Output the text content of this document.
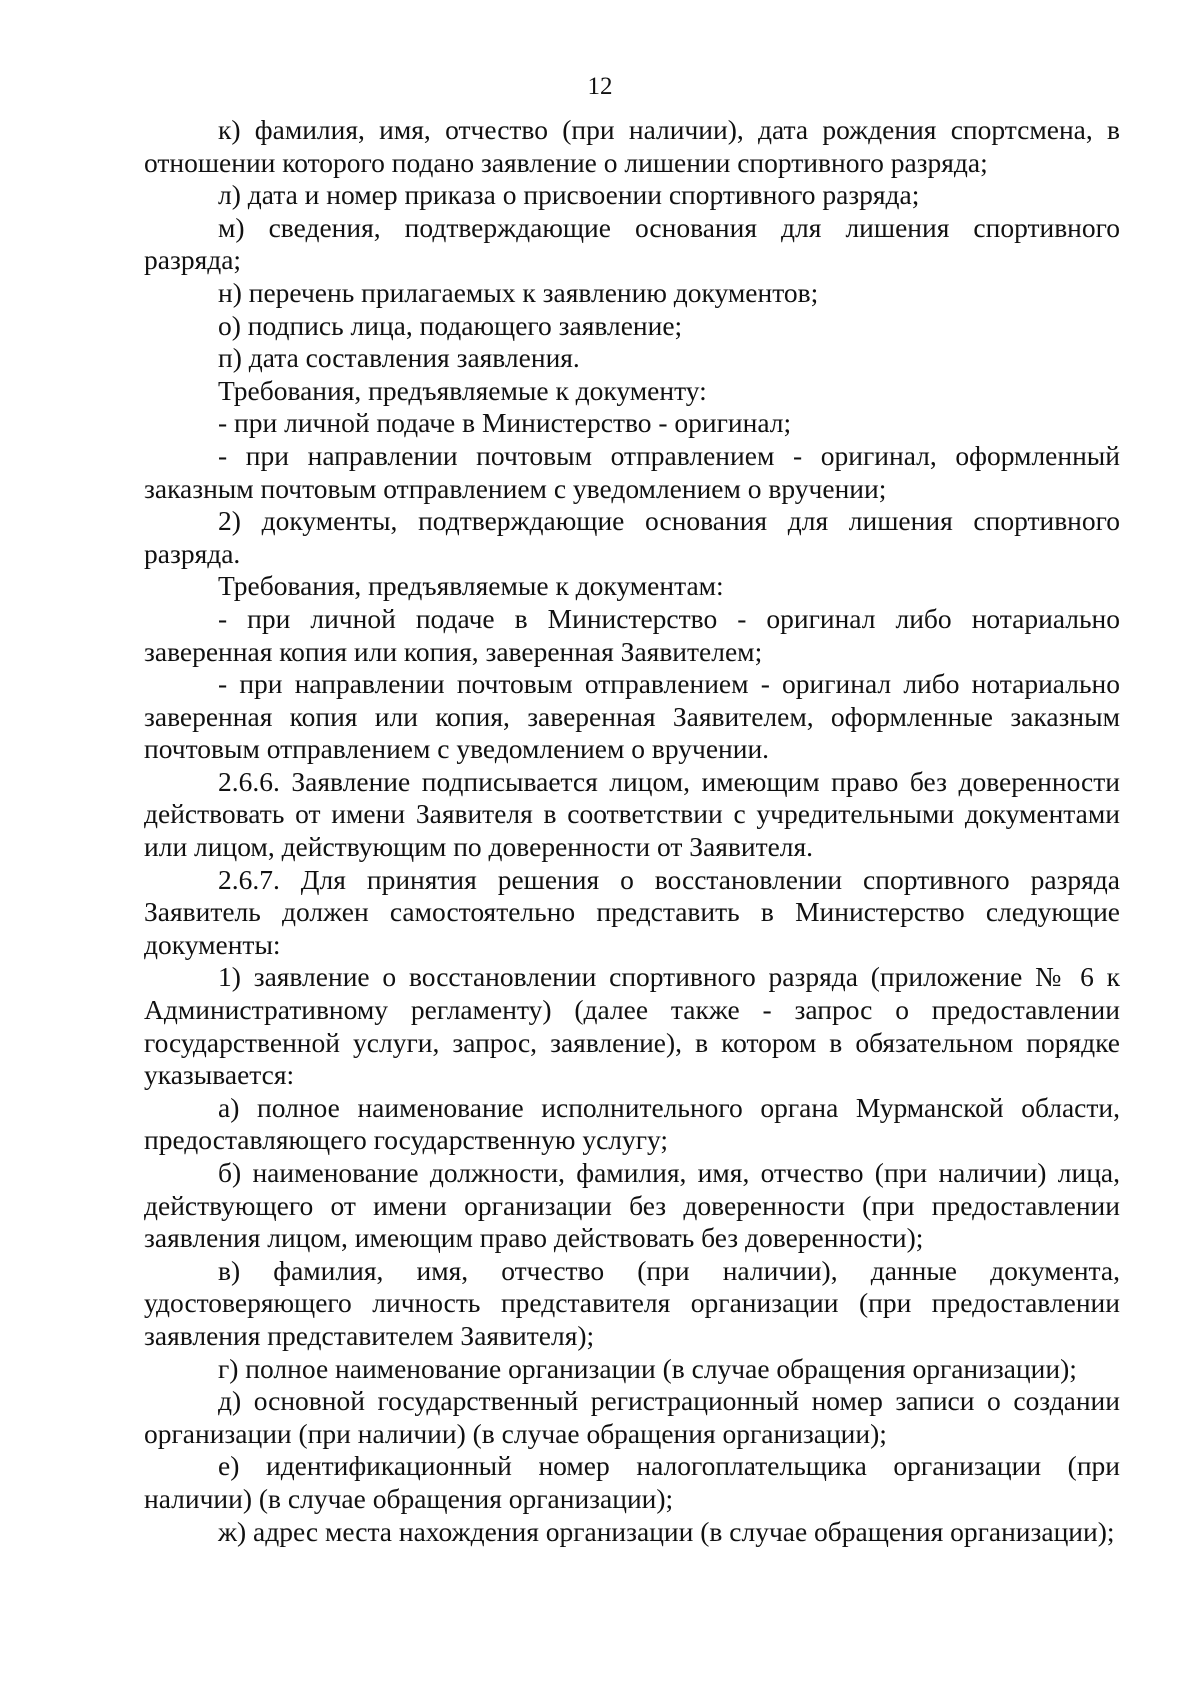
12

к) фамилия, имя, отчество (при наличии), дата рождения спортсмена, в отношении которого подано заявление о лишении спортивного разряда;

л) дата и номер приказа о присвоении спортивного разряда;

м) сведения, подтверждающие основания для лишения спортивного разряда;

н) перечень прилагаемых к заявлению документов;

о) подпись лица, подающего заявление;

п) дата составления заявления.

Требования, предъявляемые к документу:

- при личной подаче в Министерство - оригинал;

- при направлении почтовым отправлением - оригинал, оформленный заказным почтовым отправлением с уведомлением о вручении;

2) документы, подтверждающие основания для лишения спортивного разряда.

Требования, предъявляемые к документам:

- при личной подаче в Министерство - оригинал либо нотариально заверенная копия или копия, заверенная Заявителем;

- при направлении почтовым отправлением - оригинал либо нотариально заверенная копия или копия, заверенная Заявителем, оформленные заказным почтовым отправлением с уведомлением о вручении.

2.6.6. Заявление подписывается лицом, имеющим право без доверенности действовать от имени Заявителя в соответствии с учредительными документами или лицом, действующим по доверенности от Заявителя.

2.6.7. Для принятия решения о восстановлении спортивного разряда Заявитель должен самостоятельно представить в Министерство следующие документы:

1) заявление о восстановлении спортивного разряда (приложение № 6 к Административному регламенту) (далее также - запрос о предоставлении государственной услуги, запрос, заявление), в котором в обязательном порядке указывается:

а) полное наименование исполнительного органа Мурманской области, предоставляющего государственную услугу;

б) наименование должности, фамилия, имя, отчество (при наличии) лица, действующего от имени организации без доверенности (при предоставлении заявления лицом, имеющим право действовать без доверенности);

в) фамилия, имя, отчество (при наличии), данные документа, удостоверяющего личность представителя организации (при предоставлении заявления представителем Заявителя);

г) полное наименование организации (в случае обращения организации);

д) основной государственный регистрационный номер записи о создании организации (при наличии) (в случае обращения организации);

е) идентификационный номер налогоплательщика организации (при наличии) (в случае обращения организации);

ж) адрес места нахождения организации (в случае обращения организации);
